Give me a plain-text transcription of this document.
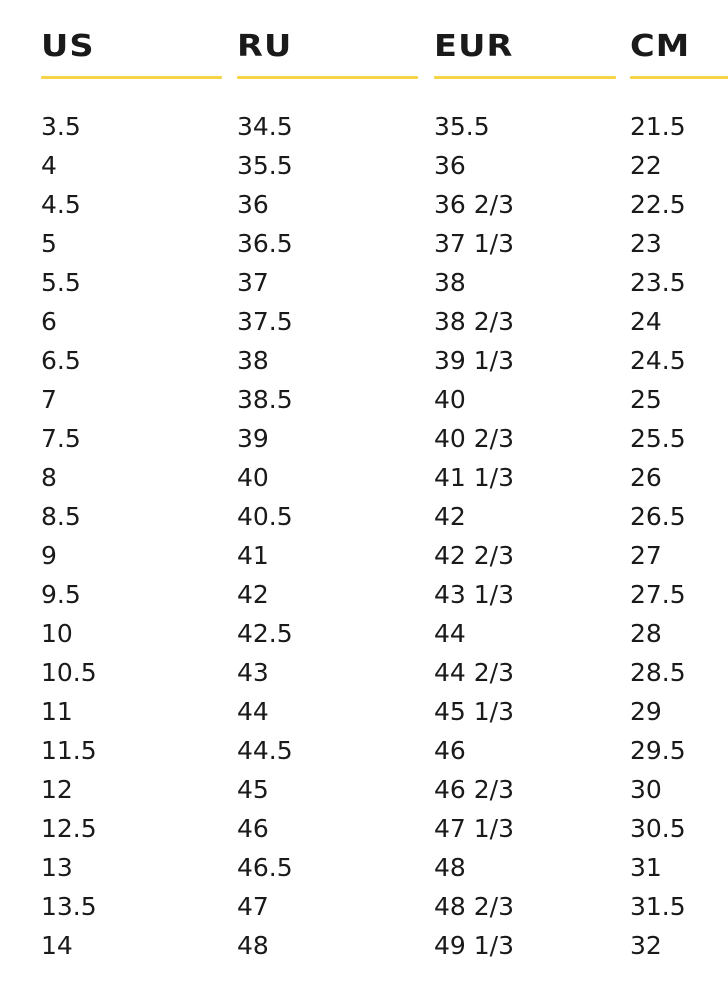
US
3.5
4
4.5
5
5.5
6
6.5
7
7.5
8
8.5
9
9.5
10
10.5
11
11.5
12
12.5
13
13.5
14
RU
34.5
35.5
36
36.5
37
37.5
38
38.5
39
40
40.5
41
42
42.5
43
44
44.5
45
46
46.5
47
48
EUR
35.5
36
36 2/3
37 1/3
38
38 2/3
39 1/3
40
40 2/3
41 1/3
42
42 2/3
43 1/3
44
44 2/3
45 1/3
46
46 2/3
47 1/3
48
48 2/3
49 1/3
CM
21.5
22
22.5
23
23.5
24
24.5
25
25.5
26
26.5
27
27.5
28
28.5
29
29.5
30
30.5
31
31.5
32
